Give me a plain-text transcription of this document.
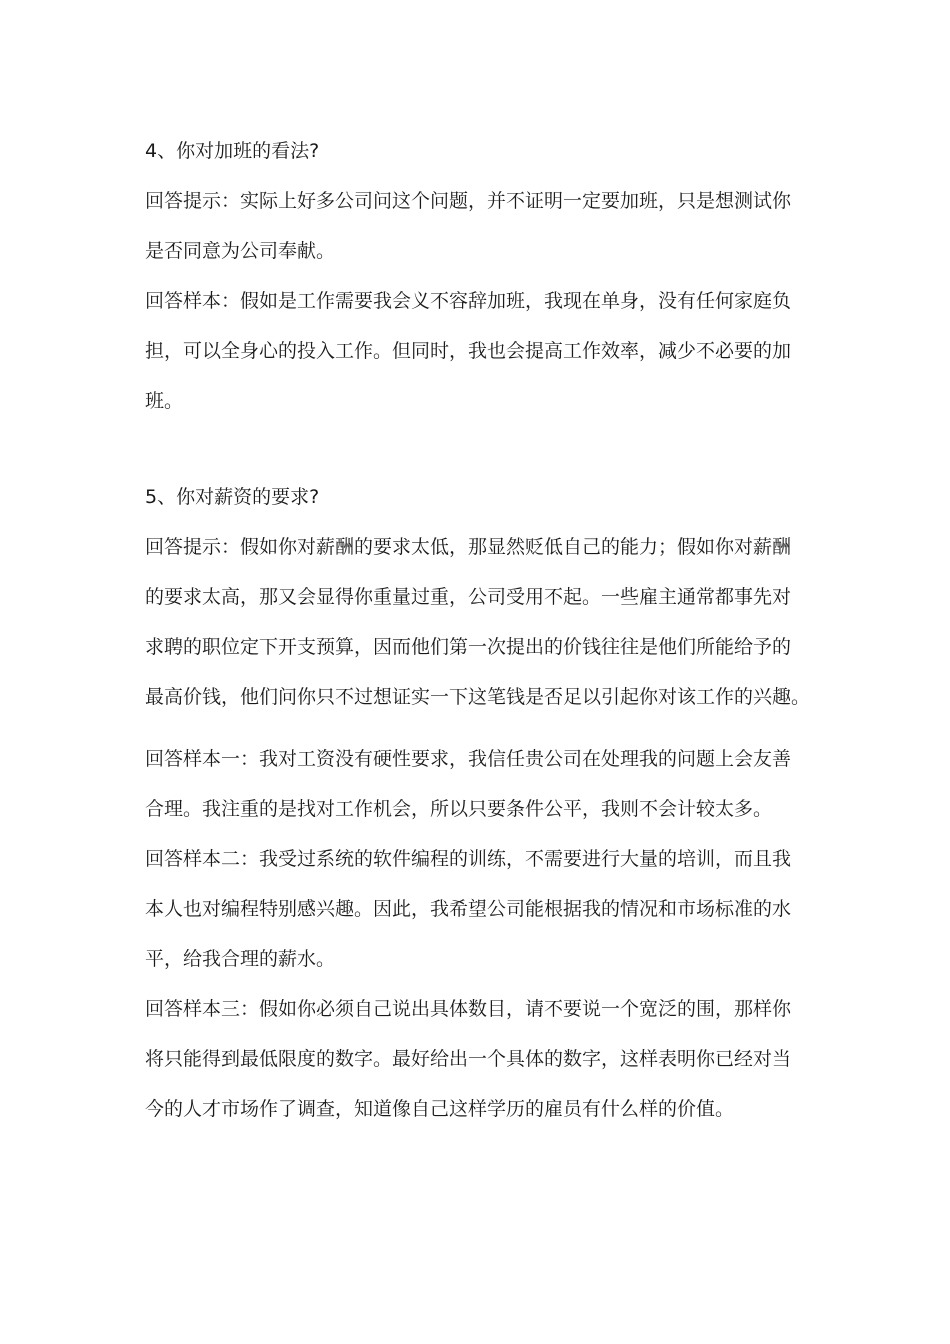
4、你对加班的看法?

回答提示：实际上好多公司问这个问题，并不证明一定要加班，只是想测试你
是否同意为公司奉献。

回答样本：假如是工作需要我会义不容辞加班，我现在单身，没有任何家庭负
担，可以全身心的投入工作。但同时，我也会提高工作效率，减少不必要的加
班。

5、你对薪资的要求?

回答提示：假如你对薪酬的要求太低，那显然贬低自己的能力；假如你对薪酬
的要求太高，那又会显得你重量过重，公司受用不起。一些雇主通常都事先对
求聘的职位定下开支预算，因而他们第一次提出的价钱往往是他们所能给予的
最高价钱，他们问你只不过想证实一下这笔钱是否足以引起你对该工作的兴趣。

回答样本一：我对工资没有硬性要求，我信任贵公司在处理我的问题上会友善
合理。我注重的是找对工作机会，所以只要条件公平，我则不会计较太多。

回答样本二：我受过系统的软件编程的训练，不需要进行大量的培训，而且我
本人也对编程特别感兴趣。因此，我希望公司能根据我的情况和市场标准的水
平，给我合理的薪水。

回答样本三：假如你必须自己说出具体数目，请不要说一个宽泛的围，那样你
将只能得到最低限度的数字。最好给出一个具体的数字，这样表明你已经对当
今的人才市场作了调查，知道像自己这样学历的雇员有什么样的价值。
